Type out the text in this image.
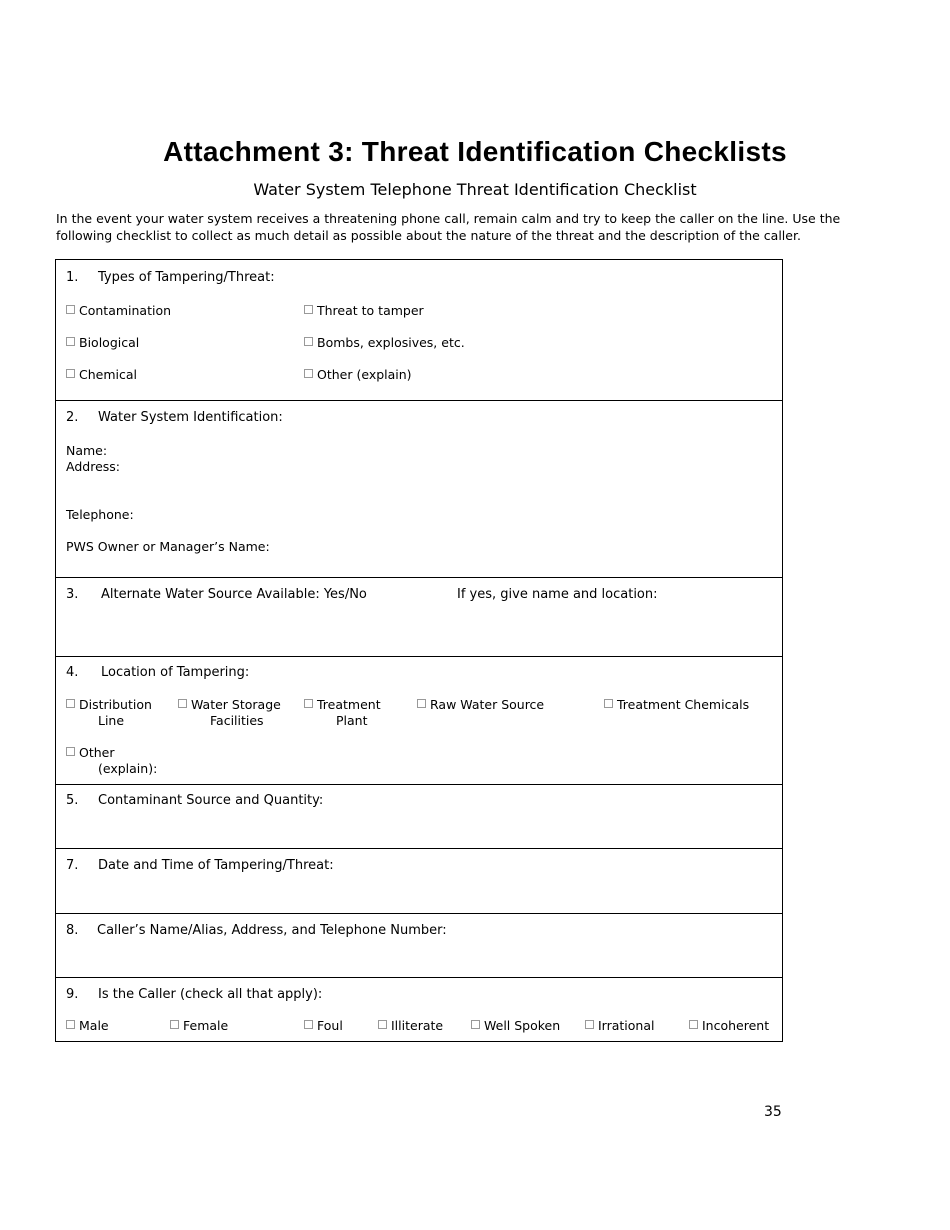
Attachment 3: Threat Identification Checklists
Water System Telephone Threat Identification Checklist
In the event your water system receives a threatening phone call, remain calm and try to keep the caller on the line. Use the following checklist to collect as much detail as possible about the nature of the threat and the description of the caller.
1. Types of Tampering/Threat:
Contamination	Threat to tamper
Biological	Bombs, explosives, etc.
Chemical	Other (explain)
2. Water System Identification:
Name:
Address:
Telephone:
PWS Owner or Manager’s Name:
3. Alternate Water Source Available: Yes/No	If yes, give name and location:
4. Location of Tampering:
Distribution
Line
Water Storage
Facilities
Treatment
Plant
Raw Water Source	Treatment Chemicals
Other
(explain):
5. Contaminant Source and Quantity:
7. Date and Time of Tampering/Threat:
8. Caller’s Name/Alias, Address, and Telephone Number:
9. Is the Caller (check all that apply):
Male	Female	Foul	Illiterate	Well Spoken	Irrational	Incoherent
35
